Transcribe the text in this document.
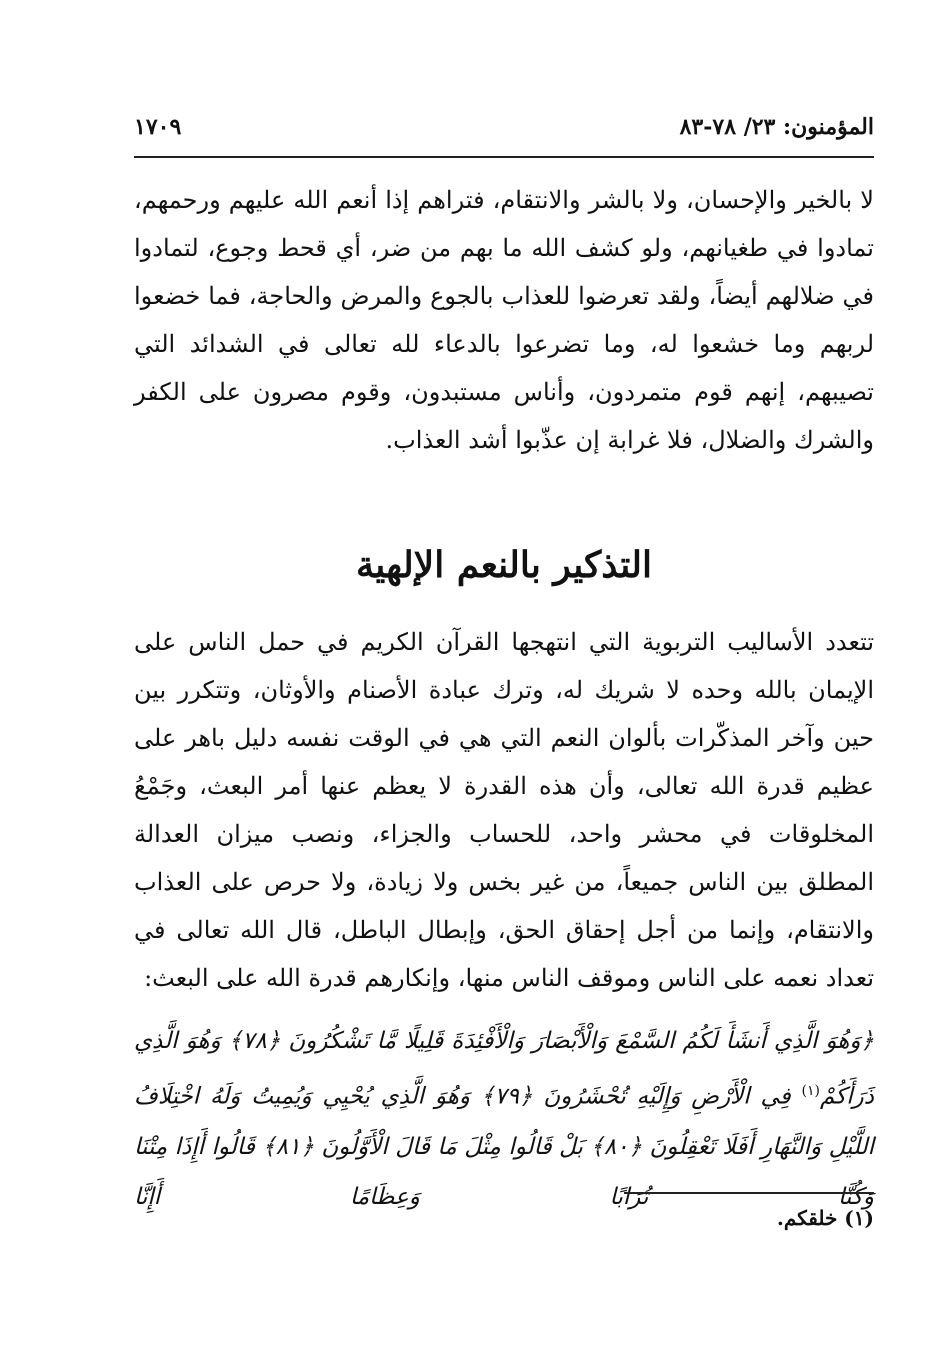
المؤمنون: ٢٣/ ٧٨-٨٣
١٧٠٩

لا بالخير والإحسان، ولا بالشر والانتقام، فتراهم إذا أنعم الله عليهم ورحمهم، تمادوا في طغيانهم، ولو كشف الله ما بهم من ضر، أي قحط وجوع، لتمادوا في ضلالهم أيضاً، ولقد تعرضوا للعذاب بالجوع والمرض والحاجة، فما خضعوا لربهم وما خشعوا له، وما تضرعوا بالدعاء لله تعالى في الشدائد التي تصيبهم، إنهم قوم متمردون، وأناس مستبدون، وقوم مصرون على الكفر والشرك والضلال، فلا غرابة إن عذّبوا أشد العذاب.

التذكير بالنعم الإلهية

تتعدد الأساليب التربوية التي انتهجها القرآن الكريم في حمل الناس على الإيمان بالله وحده لا شريك له، وترك عبادة الأصنام والأوثان، وتتكرر بين حين وآخر المذكّرات بألوان النعم التي هي في الوقت نفسه دليل باهر على عظيم قدرة الله تعالى، وأن هذه القدرة لا يعظم عنها أمر البعث، وجَمْعُ المخلوقات في محشر واحد، للحساب والجزاء، ونصب ميزان العدالة المطلق بين الناس جميعاً، من غير بخس ولا زيادة، ولا حرص على العذاب والانتقام، وإنما من أجل إحقاق الحق، وإبطال الباطل، قال الله تعالى في تعداد نعمه على الناس وموقف الناس منها، وإنكارهم قدرة الله على البعث:

﴿وَهُوَ الَّذِي أَنشَأَ لَكُمُ السَّمْعَ وَالْأَبْصَارَ وَالْأَفْئِدَةَ قَلِيلًا مَّا تَشْكُرُونَ ﴿٧٨﴾ وَهُوَ الَّذِي ذَرَأَكُمْ$^{(١)}$ فِي الْأَرْضِ وَإِلَيْهِ تُحْشَرُونَ ﴿٧٩﴾ وَهُوَ الَّذِي يُحْيِي وَيُمِيتُ وَلَهُ اخْتِلَافُ اللَّيْلِ وَالنَّهَارِ أَفَلَا تَعْقِلُونَ ﴿٨٠﴾ بَلْ قَالُوا مِثْلَ مَا قَالَ الْأَوَّلُونَ ﴿٨١﴾ قَالُوا أَإِذَا مِتْنَا وَكُنَّا تُرَابًا وَعِظَامًا أَإِنَّا

(١) خلقكم.
